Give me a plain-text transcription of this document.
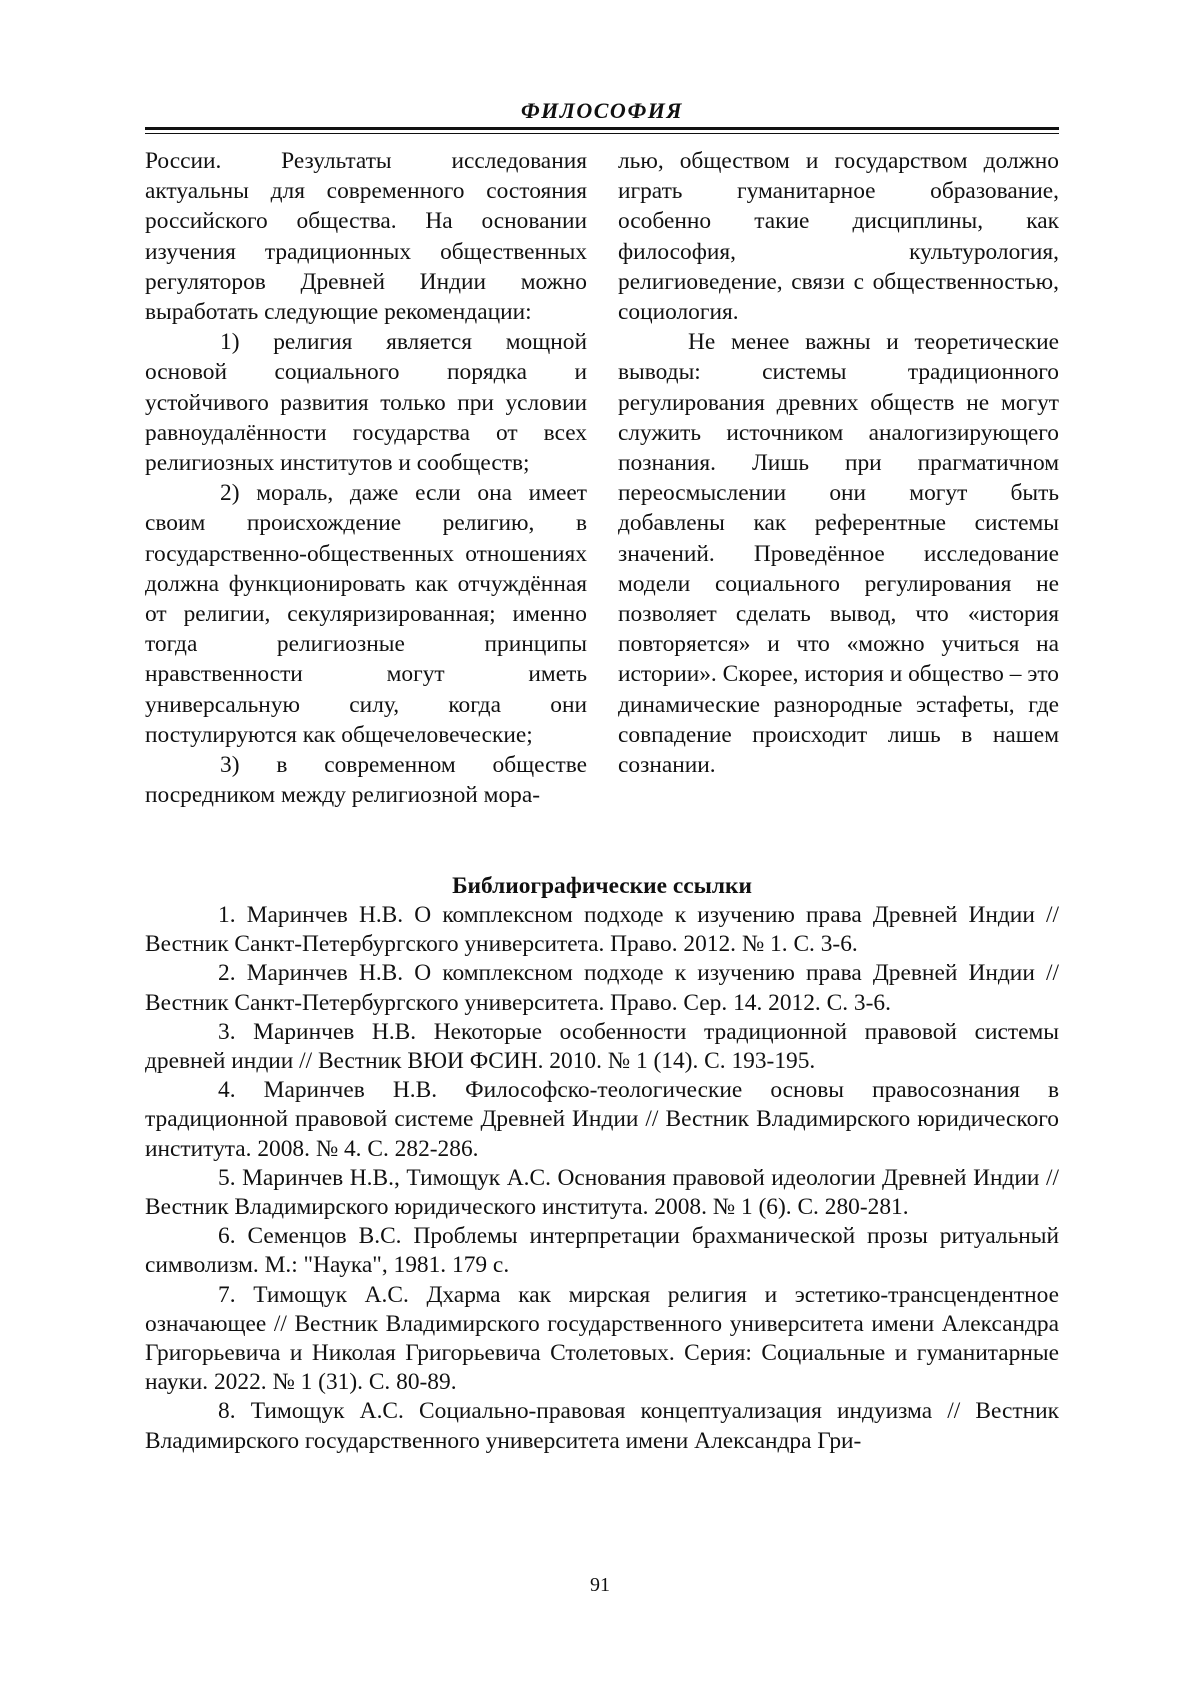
ФИЛОСОФИЯ

России. Результаты исследования актуальны для современного состояния российского общества. На основании изучения традиционных общественных регуляторов Древней Индии можно выработать следующие рекомендации:

1) религия является мощной основой социального порядка и устойчивого развития только при условии равноудалённости государства от всех религиозных институтов и сообществ;

2) мораль, даже если она имеет своим происхождение религию, в государственно-общественных отношениях должна функционировать как отчуждённая от религии, секуляризированная; именно тогда религиозные принципы нравственности могут иметь универсальную силу, когда они постулируются как общечеловеческие;

3) в современном обществе посредником между религиозной мора-

лью, обществом и государством должно играть гуманитарное образование, особенно такие дисциплины, как философия, культурология, религиоведение, связи с общественностью, социология.

Не менее важны и теоретические выводы: системы традиционного регулирования древних обществ не могут служить источником аналогизирующего познания. Лишь при прагматичном переосмыслении они могут быть добавлены как референтные системы значений. Проведённое исследование модели социального регулирования не позволяет сделать вывод, что «история повторяется» и что «можно учиться на истории». Скорее, история и общество – это динамические разнородные эстафеты, где совпадение происходит лишь в нашем сознании.

Библиографические ссылки

1. Маринчев Н.В. О комплексном подходе к изучению права Древней Индии // Вестник Санкт-Петербургского университета. Право. 2012. № 1. С. 3-6.

2. Маринчев Н.В. О комплексном подходе к изучению права Древней Индии // Вестник Санкт-Петербургского университета. Право. Сер. 14. 2012. С. 3-6.

3. Маринчев Н.В. Некоторые особенности традиционной правовой системы древней индии // Вестник ВЮИ ФСИН. 2010. № 1 (14). С. 193-195.

4. Маринчев Н.В. Философско-теологические основы правосознания в традиционной правовой системе Древней Индии // Вестник Владимирского юридического института. 2008. № 4. С. 282-286.

5. Маринчев Н.В., Тимощук А.С. Основания правовой идеологии Древней Индии // Вестник Владимирского юридического института. 2008. № 1 (6). С. 280-281.

6. Семенцов В.С. Проблемы интерпретации брахманической прозы ритуальный символизм. М.: "Наука", 1981. 179 с.

7. Тимощук А.С. Дхарма как мирская религия и эстетико-трансцендентное означающее // Вестник Владимирского государственного университета имени Александра Григорьевича и Николая Григорьевича Столетовых. Серия: Социальные и гуманитарные науки. 2022. № 1 (31). С. 80-89.

8. Тимощук А.С. Социально-правовая концептуализация индуизма // Вестник Владимирского государственного университета имени Александра Гри-

91
